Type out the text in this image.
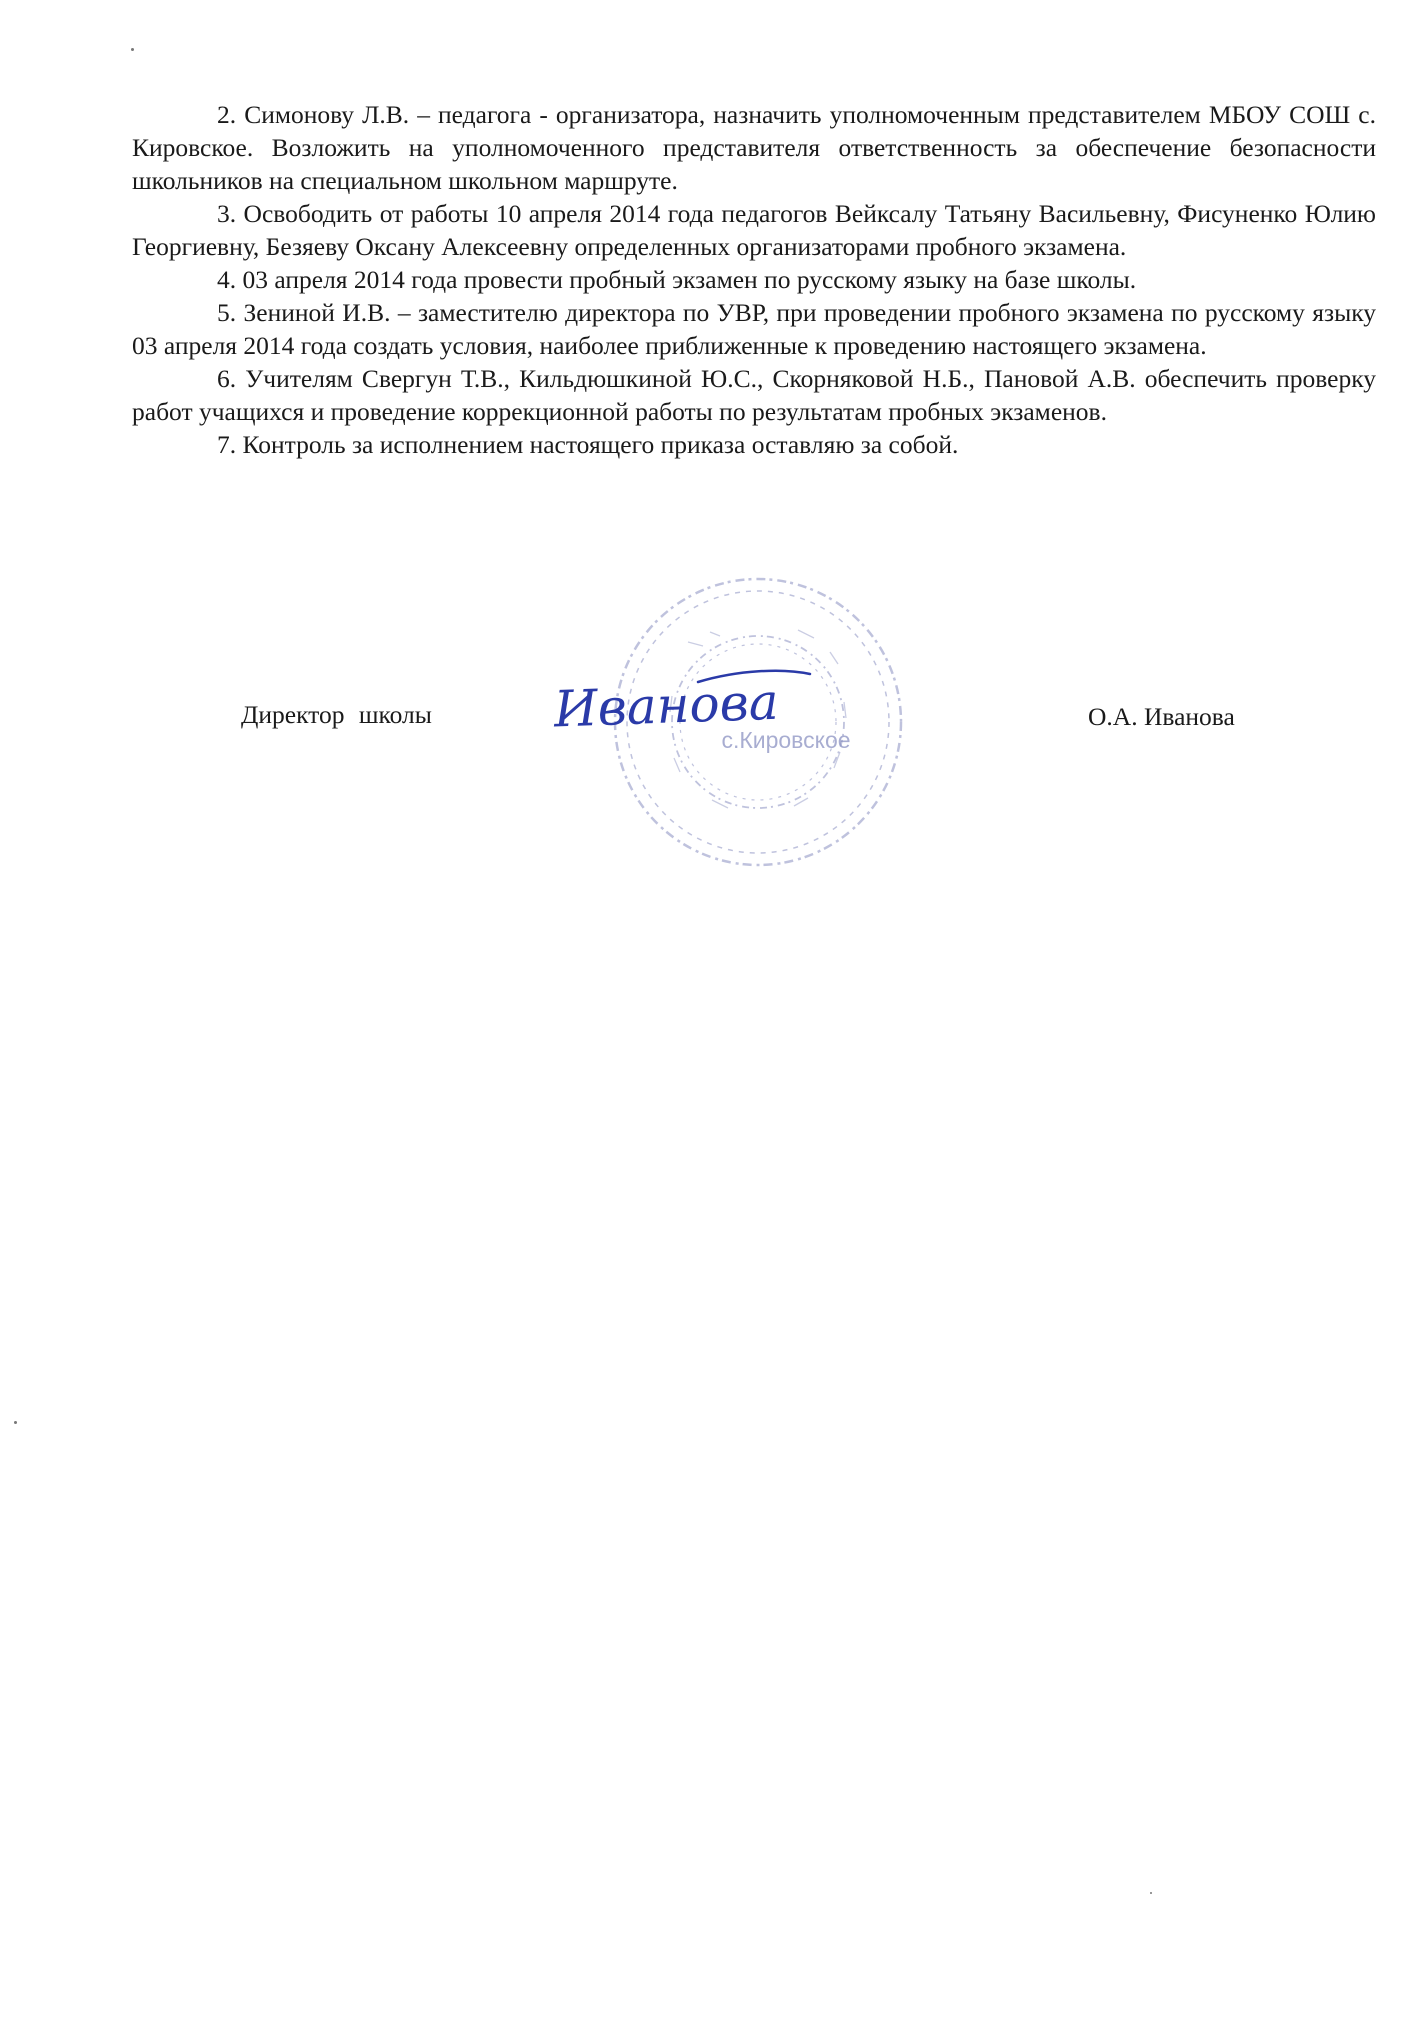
2. Симонову Л.В. – педагога - организатора, назначить уполномоченным представителем МБОУ СОШ с. Кировское. Возложить на уполномоченного представителя ответственность за обеспечение безопасности школьников на специальном школьном маршруте.

3. Освободить от работы 10 апреля 2014 года педагогов Вейксалу Татьяну Васильевну, Фисуненко Юлию Георгиевну, Безяеву Оксану Алексеевну определенных организаторами пробного экзамена.

4. 03 апреля 2014 года провести пробный экзамен по русскому языку на базе школы.

5. Зениной И.В. – заместителю директора по УВР, при проведении пробного экзамена по русскому языку 03 апреля 2014 года создать условия, наиболее приближенные к проведению настоящего экзамена.

6. Учителям Свергун Т.В., Кильдюшкиной Ю.С., Скорняковой Н.Б., Пановой А.В. обеспечить проверку работ учащихся и проведение коррекционной работы по результатам пробных экзаменов.

7. Контроль за исполнением настоящего приказа оставляю за собой.

с.Кировское
Директор школы Иванова	О.А. Иванова
